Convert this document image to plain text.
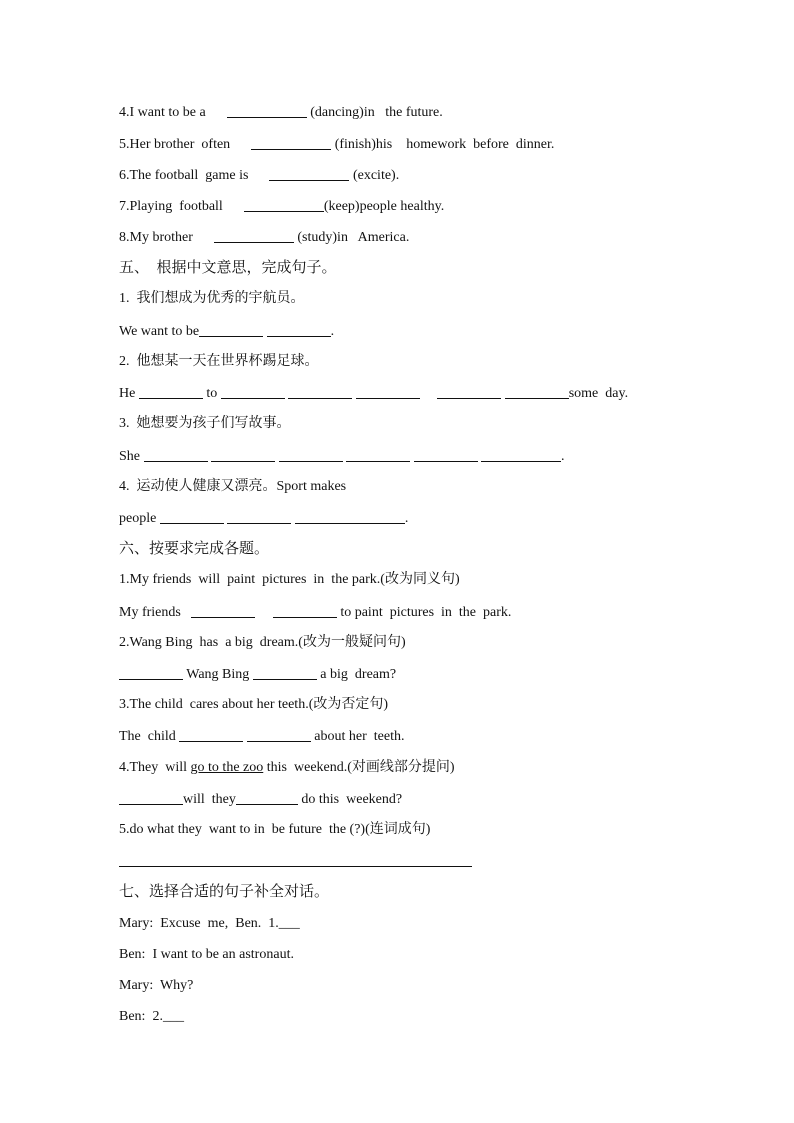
4.I want to be a	(dancing)in   the future.
5.Her brother  often	(finish)his    homework  before  dinner.
6.The football  game is	(excite).
7.Playing  football	(keep)people healthy.
8.My brother	(study)in   America.
五、  根据中文意思，完成句子。
1.  我们想成为优秀的宇航员。
We want to be	.
2.  他想某一天在世界杯踢足球。
He	to	some  day.
3.  她想要为孩子们写故事。
She	.
4.  运动使人健康又漂亮。Sport makes
people	.
六、按要求完成各题。
1.My friends  will  paint  pictures  in  the park.(改为同义句)
My friends	to paint  pictures  in  the  park.
2.Wang Bing  has  a big  dream.(改为一般疑问句)
Wang Bing	a big  dream?
3.The child  cares about her teeth.(改为否定句)
The  child	about her  teeth.
4.They  will go to the zoo this  weekend.(对画线部分提问)
will  they	do this  weekend?
5.do what they  want to in  be future  the (?)(连词成句)
七、选择合适的句子补全对话。
Mary:  Excuse  me,  Ben.  1.___
Ben:  I want to be an astronaut.
Mary:  Why?
Ben:  2.___
